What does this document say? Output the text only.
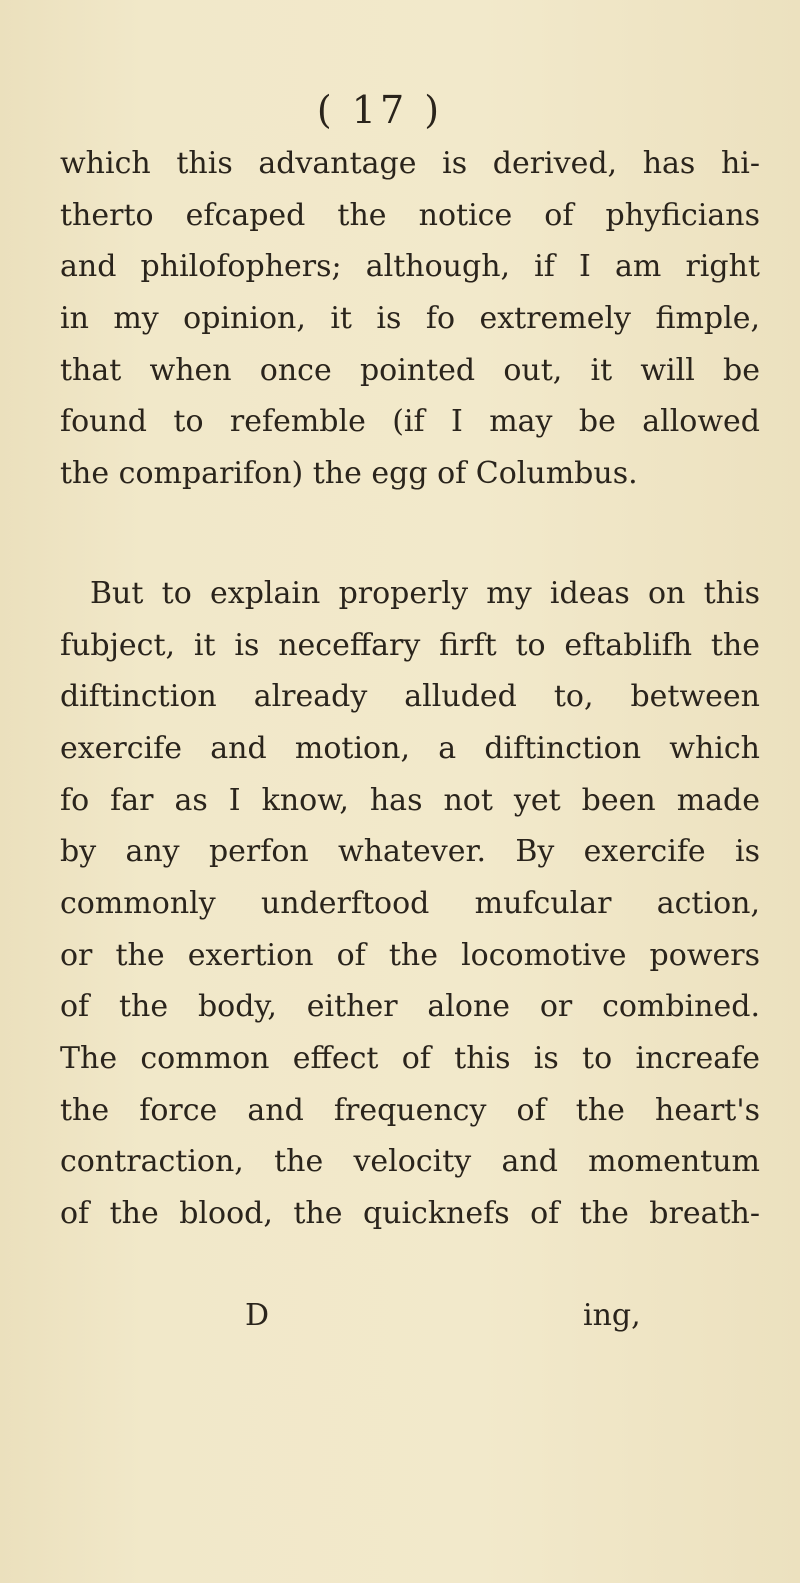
( 17 )
which this advantage is derived, has hi-
therto efcaped the notice of phyficians
and philofophers; although, if I am right
in my opinion, it is fo extremely fimple,
that when once pointed out, it will be
found to refemble (if I may be allowed
the comparifon) the egg of Columbus.
But to explain properly my ideas on this
fubject, it is neceffary firft to eftablifh the
diftinction already alluded to, between
exercife and motion, a diftinction which
fo far as I know, has not yet been made
by any perfon whatever. By exercife is
commonly underftood mufcular action,
or the exertion of the locomotive powers
of the body, either alone or combined.
The common effect of this is to increafe
the force and frequency of the heart's
contraction, the velocity and momentum
of the blood, the quicknefs of the breath-
D	ing,
